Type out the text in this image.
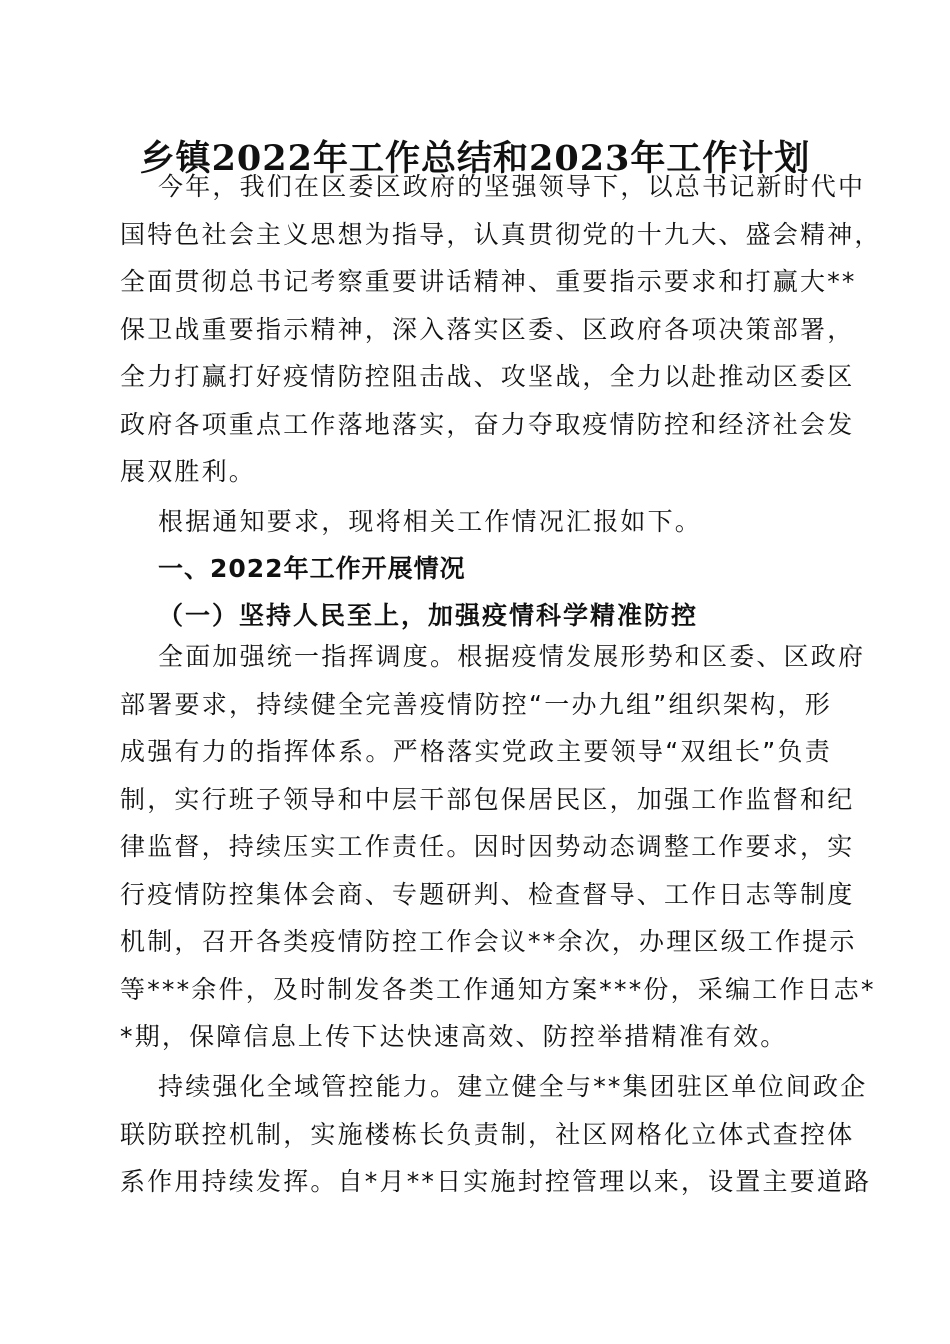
乡镇2022年工作总结和2023年工作计划
今年，我们在区委区政府的坚强领导下，以总书记新时代中
国特色社会主义思想为指导，认真贯彻党的十九大、盛会精神，
全面贯彻总书记考察重要讲话精神、重要指示要求和打赢大**
保卫战重要指示精神，深入落实区委、区政府各项决策部署，
全力打赢打好疫情防控阻击战、攻坚战，全力以赴推动区委区
政府各项重点工作落地落实，奋力夺取疫情防控和经济社会发
展双胜利。
根据通知要求，现将相关工作情况汇报如下。
一、2022年工作开展情况
（一）坚持人民至上，加强疫情科学精准防控
全面加强统一指挥调度。根据疫情发展形势和区委、区政府
部署要求，持续健全完善疫情防控“一办九组”组织架构，形
成强有力的指挥体系。严格落实党政主要领导“双组长”负责
制，实行班子领导和中层干部包保居民区，加强工作监督和纪
律监督，持续压实工作责任。因时因势动态调整工作要求，实
行疫情防控集体会商、专题研判、检查督导、工作日志等制度
机制，召开各类疫情防控工作会议**余次，办理区级工作提示
等***余件，及时制发各类工作通知方案***份，采编工作日志*
*期，保障信息上传下达快速高效、防控举措精准有效。
持续强化全域管控能力。建立健全与**集团驻区单位间政企
联防联控机制，实施楼栋长负责制，社区网格化立体式查控体
系作用持续发挥。自*月**日实施封控管理以来，设置主要道路
